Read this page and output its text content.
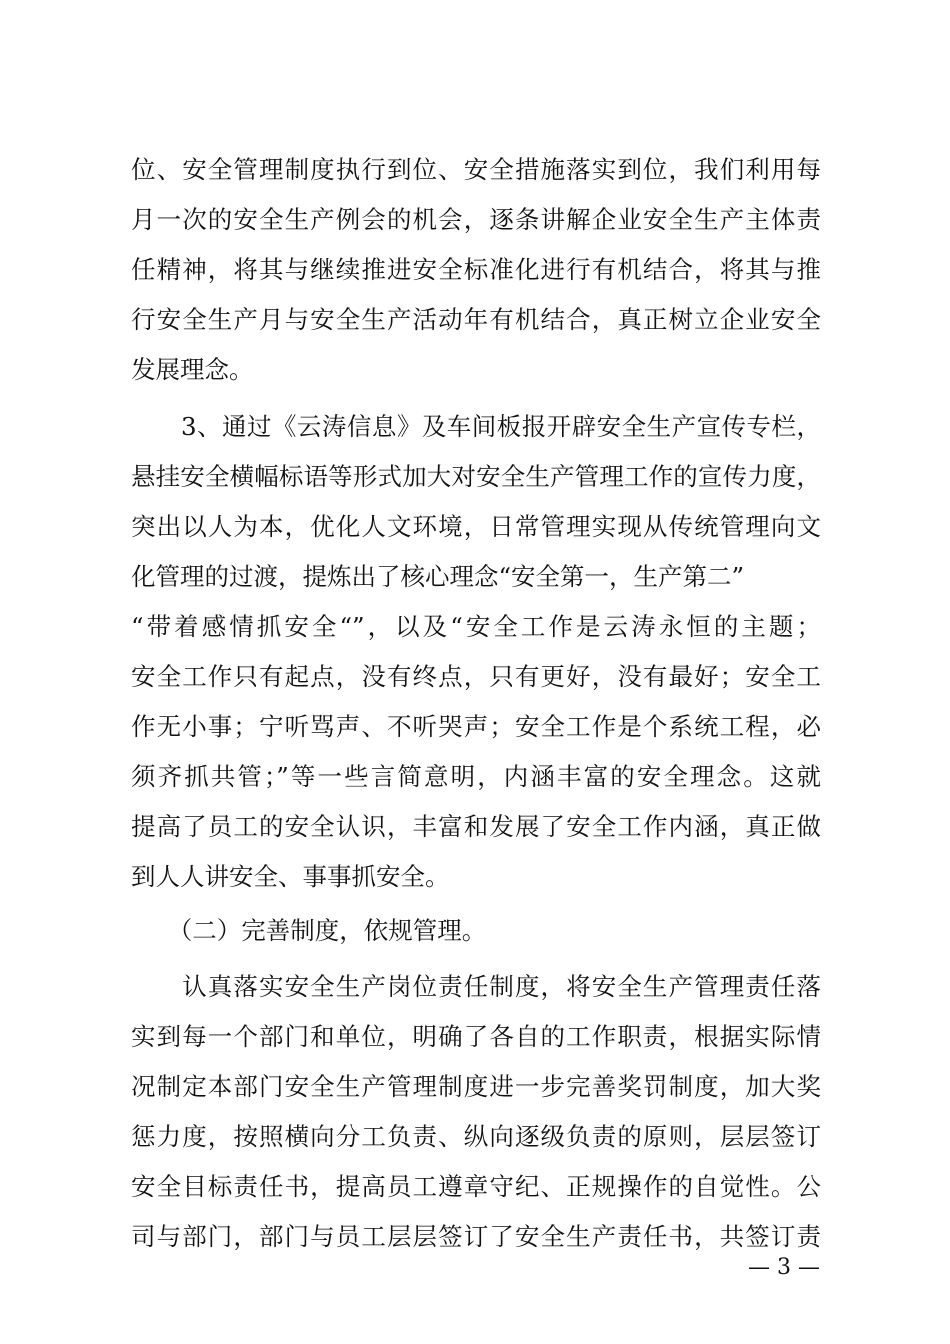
位、安全管理制度执行到位、安全措施落实到位，我们利用每
月一次的安全生产例会的机会，逐条讲解企业安全生产主体责
任精神，将其与继续推进安全标准化进行有机结合，将其与推
行安全生产月与安全生产活动年有机结合，真正树立企业安全
发展理念。
　　3、通过《云涛信息》及车间板报开辟安全生产宣传专栏，
悬挂安全横幅标语等形式加大对安全生产管理工作的宣传力度，
突出以人为本，优化人文环境，日常管理实现从传统管理向文
化管理的过渡，提炼出了核心理念“安全第一，生产第二”
“带着感情抓安全“”，以及“安全工作是云涛永恒的主题；
安全工作只有起点，没有终点，只有更好，没有最好；安全工
作无小事；宁听骂声、不听哭声；安全工作是个系统工程，必
须齐抓共管；”等一些言简意明，内涵丰富的安全理念。这就
提高了员工的安全认识，丰富和发展了安全工作内涵，真正做
到人人讲安全、事事抓安全。
　　（二）完善制度，依规管理。
　　认真落实安全生产岗位责任制度，将安全生产管理责任落
实到每一个部门和单位，明确了各自的工作职责，根据实际情
况制定本部门安全生产管理制度进一步完善奖罚制度，加大奖
惩力度，按照横向分工负责、纵向逐级负责的原则，层层签订
安全目标责任书，提高员工遵章守纪、正规操作的自觉性。公
司与部门，部门与员工层层签订了安全生产责任书，共签订责
— 3 —
